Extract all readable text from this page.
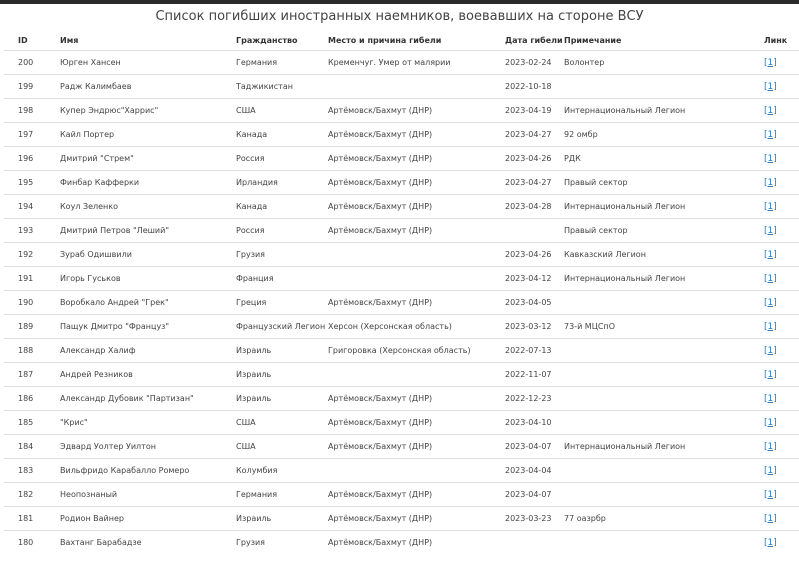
Список погибших иностранных наемников, воевавших на стороне ВСУ
ID	Имя	Гражданство	Место и причина гибели	Дата гибели	Примечание	Линк
200	Юрген Хансен	Германия	Кременчуг. Умер от малярии	2023-02-24	Волонтер	[1]
199	Радж Калимбаев	Таджикистан		2022-10-18		[1]
198	Купер Эндрюс"Харрис"	США	Артёмовск/Бахмут (ДНР)	2023-04-19	Интернациональный Легион	[1]
197	Кайл Портер	Канада	Артёмовск/Бахмут (ДНР)	2023-04-27	92 омбр	[1]
196	Дмитрий "Стрем"	Россия	Артёмовск/Бахмут (ДНР)	2023-04-26	РДК	[1]
195	Финбар Кафферки	Ирландия	Артёмовск/Бахмут (ДНР)	2023-04-27	Правый сектор	[1]
194	Коул Зеленко	Канада	Артёмовск/Бахмут (ДНР)	2023-04-28	Интернациональный Легион	[1]
193	Дмитрий Петров "Леший"	Россия	Артёмовск/Бахмут (ДНР)		Правый сектор	[1]
192	Зураб Одишвили	Грузия		2023-04-26	Кавказский Легион	[1]
191	Игорь Гуськов	Франция		2023-04-12	Интернациональный Легион	[1]
190	Воробкало Андрей "Грек"	Греция	Артёмовск/Бахмут (ДНР)	2023-04-05		[1]
189	Пащук Дмитро "Француз"	Французский Легион	Херсон (Херсонская область)	2023-03-12	73-й МЦСпО	[1]
188	Александр Халиф	Израиль	Григоровка (Херсонская область)	2022-07-13		[1]
187	Андрей Резников	Израиль		2022-11-07		[1]
186	Александр Дубовик "Партизан"	Израиль	Артёмовск/Бахмут (ДНР)	2022-12-23		[1]
185	"Крис"	США	Артёмовск/Бахмут (ДНР)	2023-04-10		[1]
184	Эдвард Уолтер Уилтон	США	Артёмовск/Бахмут (ДНР)	2023-04-07	Интернациональный Легион	[1]
183	Вильфридо Карабалло Ромеро	Колумбия		2023-04-04		[1]
182	Неопознаный	Германия	Артёмовск/Бахмут (ДНР)	2023-04-07		[1]
181	Родион Вайнер	Израиль	Артёмовск/Бахмут (ДНР)	2023-03-23	77 оазрбр	[1]
180	Вахтанг Барабадзе	Грузия	Артёмовск/Бахмут (ДНР)			[1]
